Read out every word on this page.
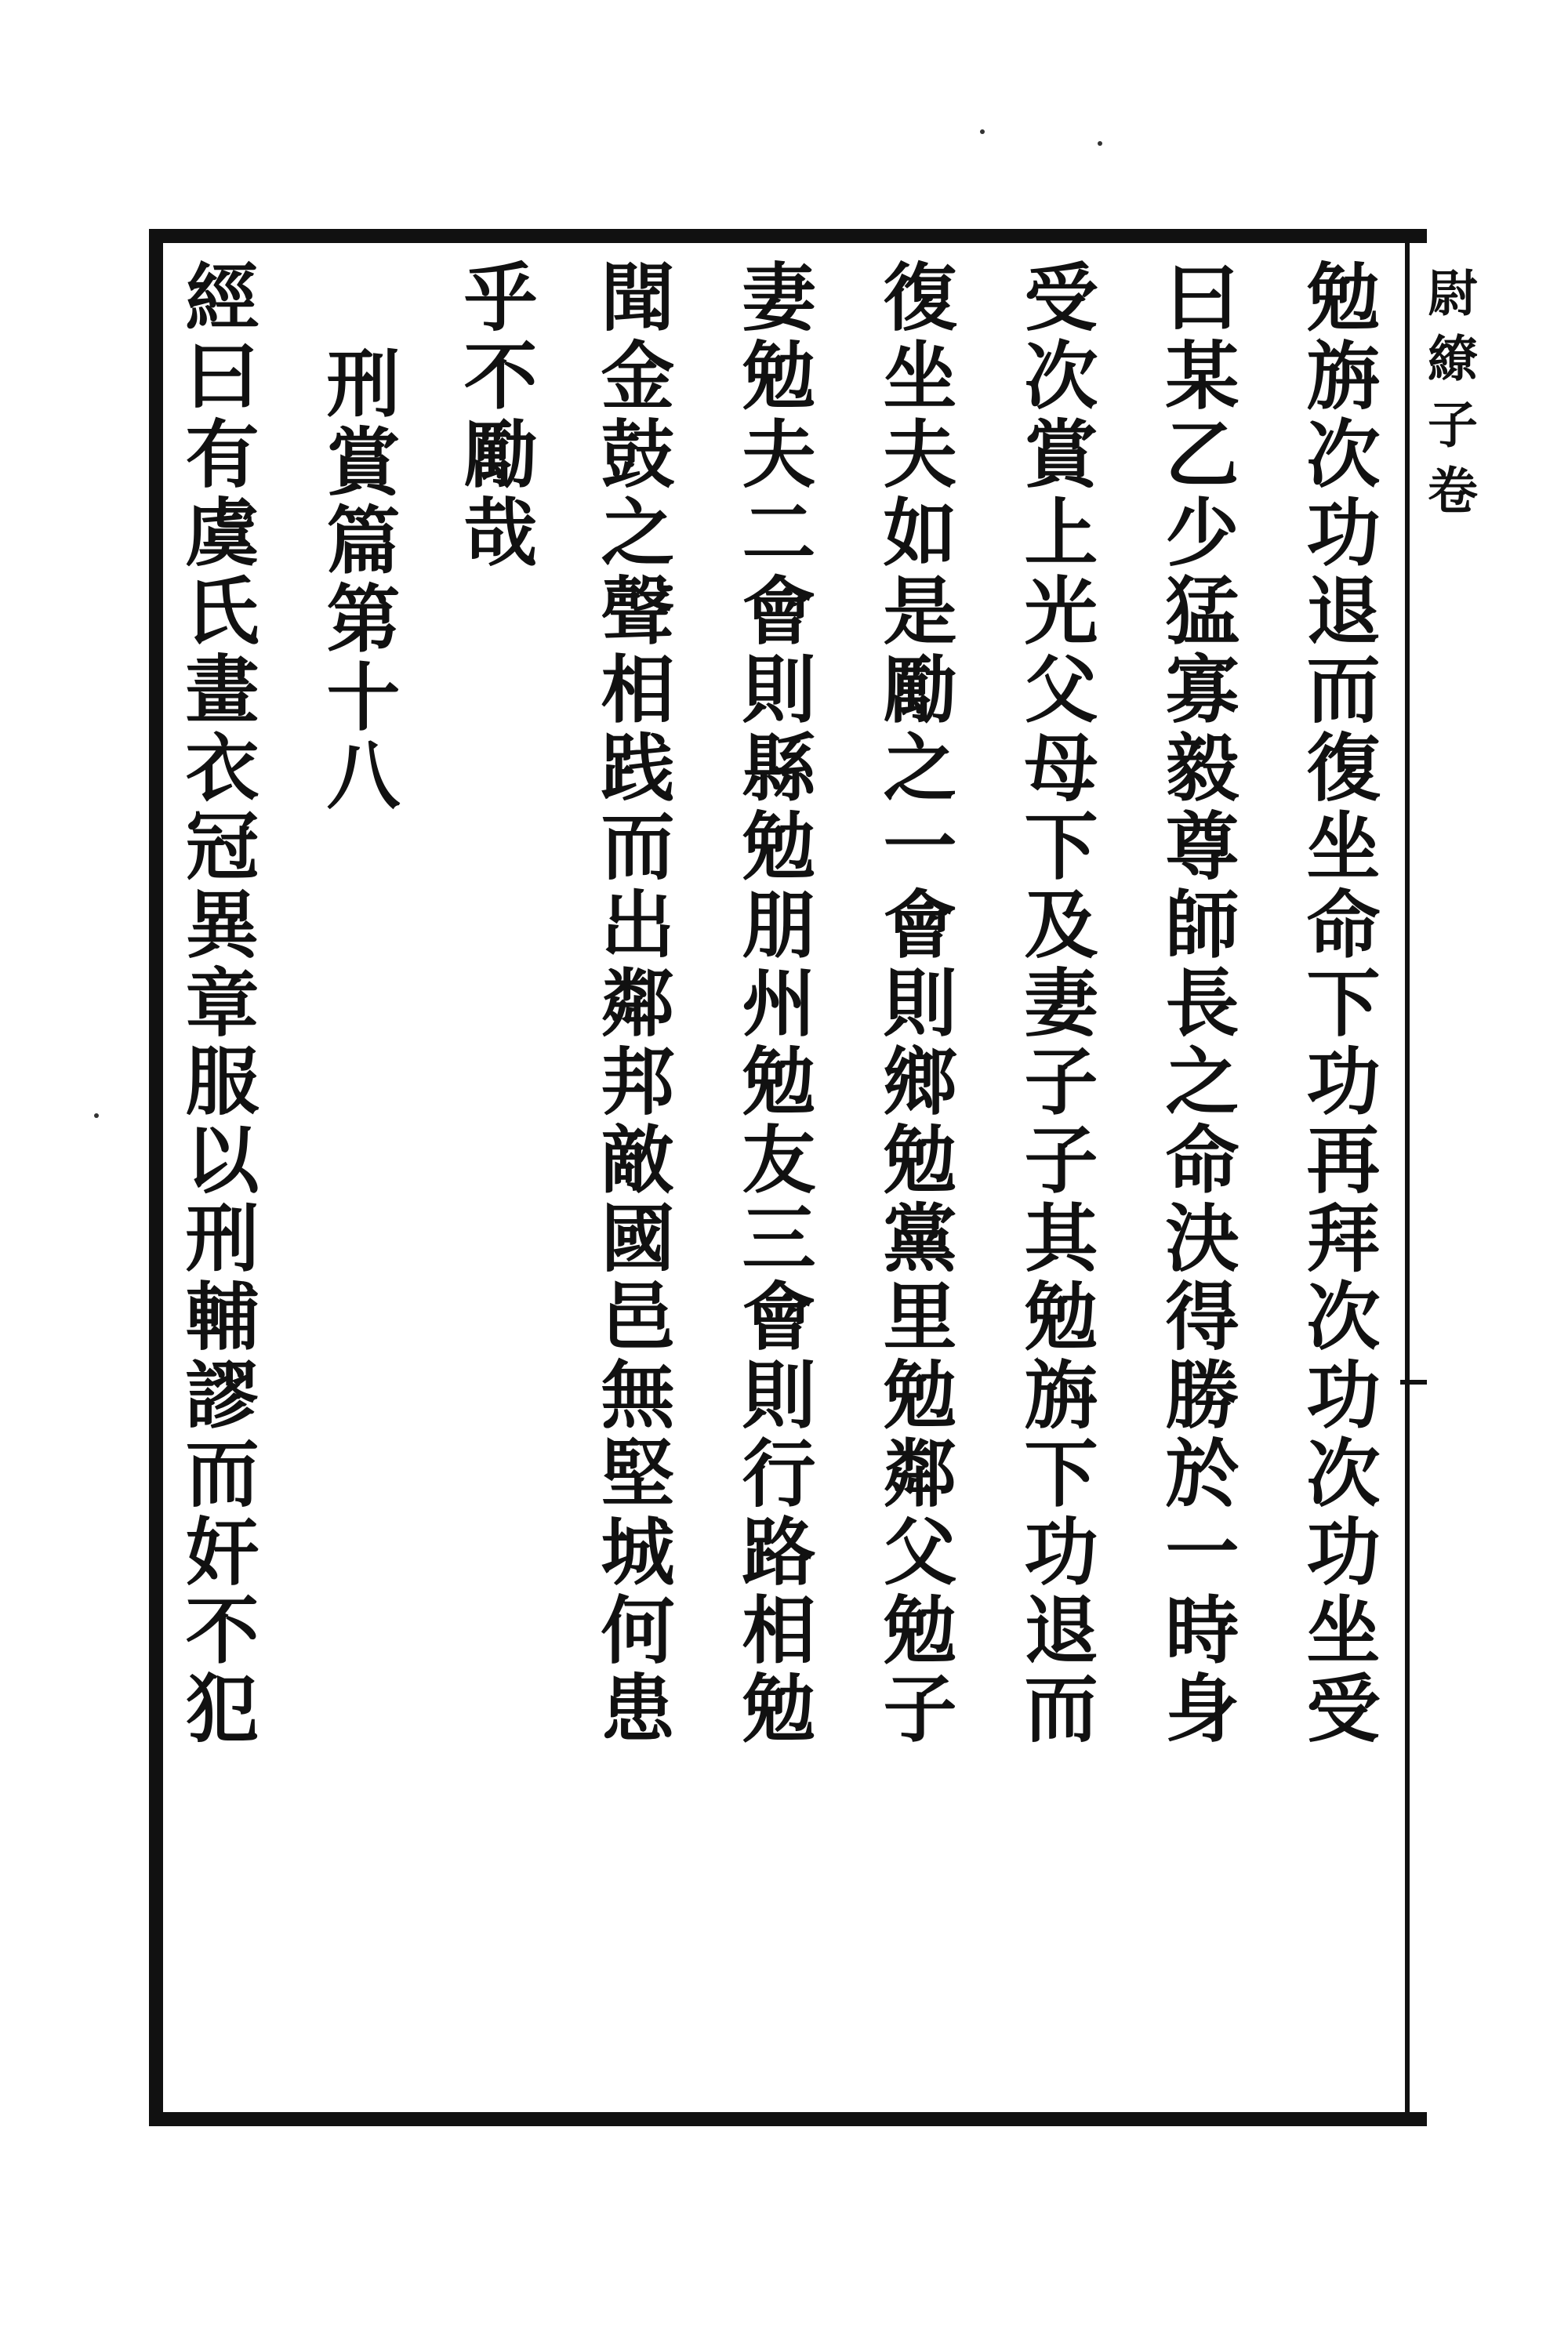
尉繚子卷
勉旃次功退而復坐命下功再拜次功次功坐受
曰某乙少猛寡毅尊師長之命決得勝於一時身
受次賞上光父母下及妻子子其勉旃下功退而
復坐夫如是勵之一會則鄉勉黨里勉鄰父勉子
妻勉夫二會則縣勉朋州勉友三會則行路相勉
聞金鼓之聲相践而出鄰邦敵國邑無堅城何患
乎不勵哉
刑賞篇第十八
經曰有虞氏畫衣冠異章服以刑輔謬而奸不犯
